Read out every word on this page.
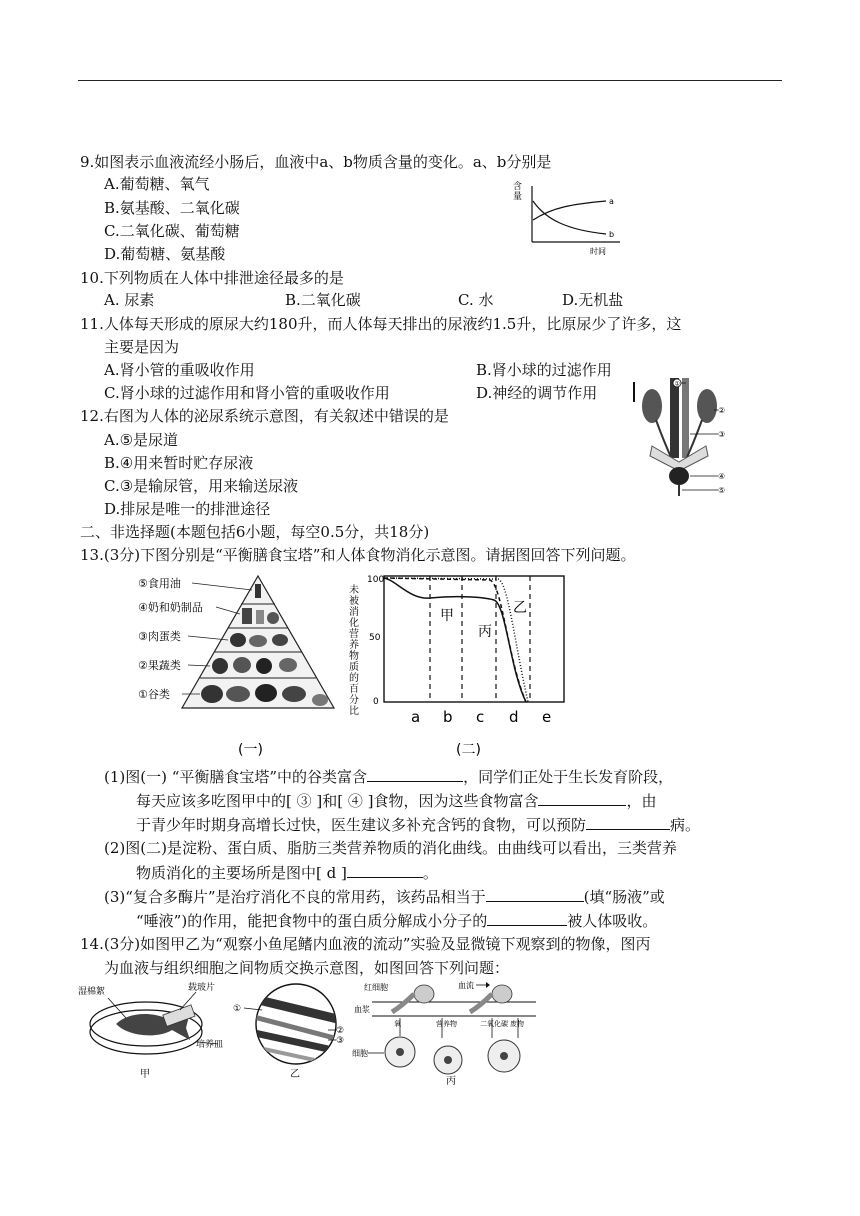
9.如图表示血液流经小肠后，血液中a、b物质含量的变化。a、b分别是
A.葡萄糖、氧气
B.氨基酸、二氧化碳
C.二氧化碳、葡萄糖
D.葡萄糖、氨基酸
含
量	a
b
时间
10.下列物质在人体中排泄途径最多的是
A. 尿素	B.二氧化碳	C. 水	D.无机盐
11.人体每天形成的原尿大约180升，而人体每天排出的尿液约1.5升，比原尿少了许多，这
主要是因为
A.肾小管的重吸收作用	B.肾小球的过滤作用
C.肾小球的过滤作用和肾小管的重吸收作用	D.神经的调节作用
12.右图为人体的泌尿系统示意图，有关叙述中错误的是
A.⑤是尿道
B.④用来暂时贮存尿液
C.③是输尿管，用来输送尿液
D.排尿是唯一的排泄途径
①
②
③
④
⑤
二、非选择题(本题包括6小题，每空0.5分，共18分)
13.(3分)下图分别是“平衡膳食宝塔”和人体食物消化示意图。请据图回答下列问题。
⑤食用油
④奶和奶制品
③肉蛋类
②果蔬类
①谷类
(一)
未被消化营养物质的百分比
100
50
0
甲	乙
丙
a b c d e
(二)
(1)图(一) “平衡膳食宝塔”中的谷类富含	，同学们正处于生长发育阶段，
每天应该多吃图甲中的[ ③ ]和[ ④ ]食物，因为这些食物富含	，由
于青少年时期身高增长过快，医生建议多补充含钙的食物，可以预防	病。
(2)图(二)是淀粉、蛋白质、脂肪三类营养物质的消化曲线。由曲线可以看出，三类营养
物质消化的主要场所是图中[ d ]	。
(3)“复合多酶片”是治疗消化不良的常用药，该药品相当于	(填“肠液”或
“唾液”)的作用，能把食物中的蛋白质分解成小分子的	被人体吸收。
14.(3分)如图甲乙为“观察小鱼尾鳍内血液的流动”实验及显微镜下观察到的物像，图丙
为血液与组织细胞之间物质交换示意图，如图回答下列问题：
湿棉絮	载玻片
培养皿
甲
①
②
③
乙
红细胞	血流
血浆
氧	营养物	二氧化碳 废物
细胞
丙
